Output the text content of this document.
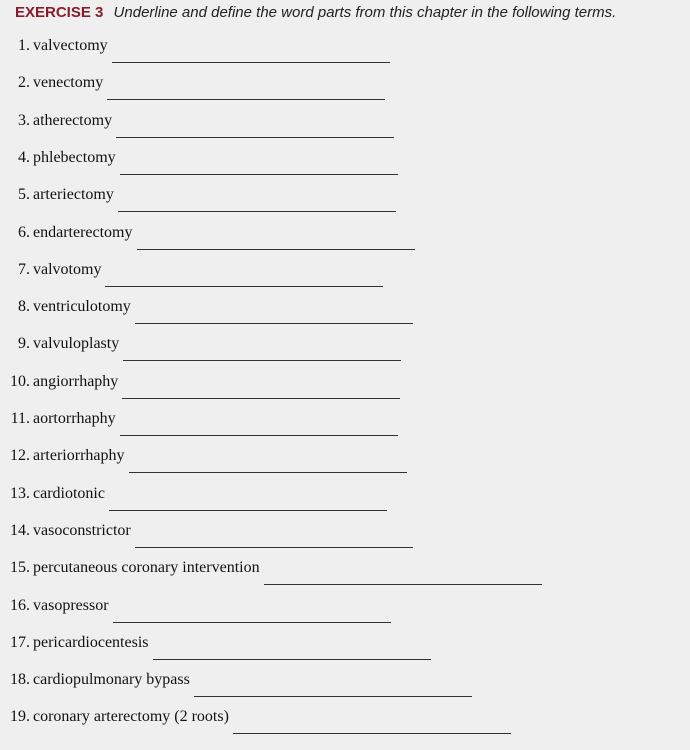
EXERCISE 3 Underline and define the word parts from this chapter in the following terms.
1. valvectomy
2. venectomy
3. atherectomy
4. phlebectomy
5. arteriectomy
6. endarterectomy
7. valvotomy
8. ventriculotomy
9. valvuloplasty
10. angiorrhaphy
11. aortorrhaphy
12. arteriorrhaphy
13. cardiotonic
14. vasoconstrictor
15. percutaneous coronary intervention
16. vasopressor
17. pericardiocentesis
18. cardiopulmonary bypass
19. coronary arterectomy (2 roots)
